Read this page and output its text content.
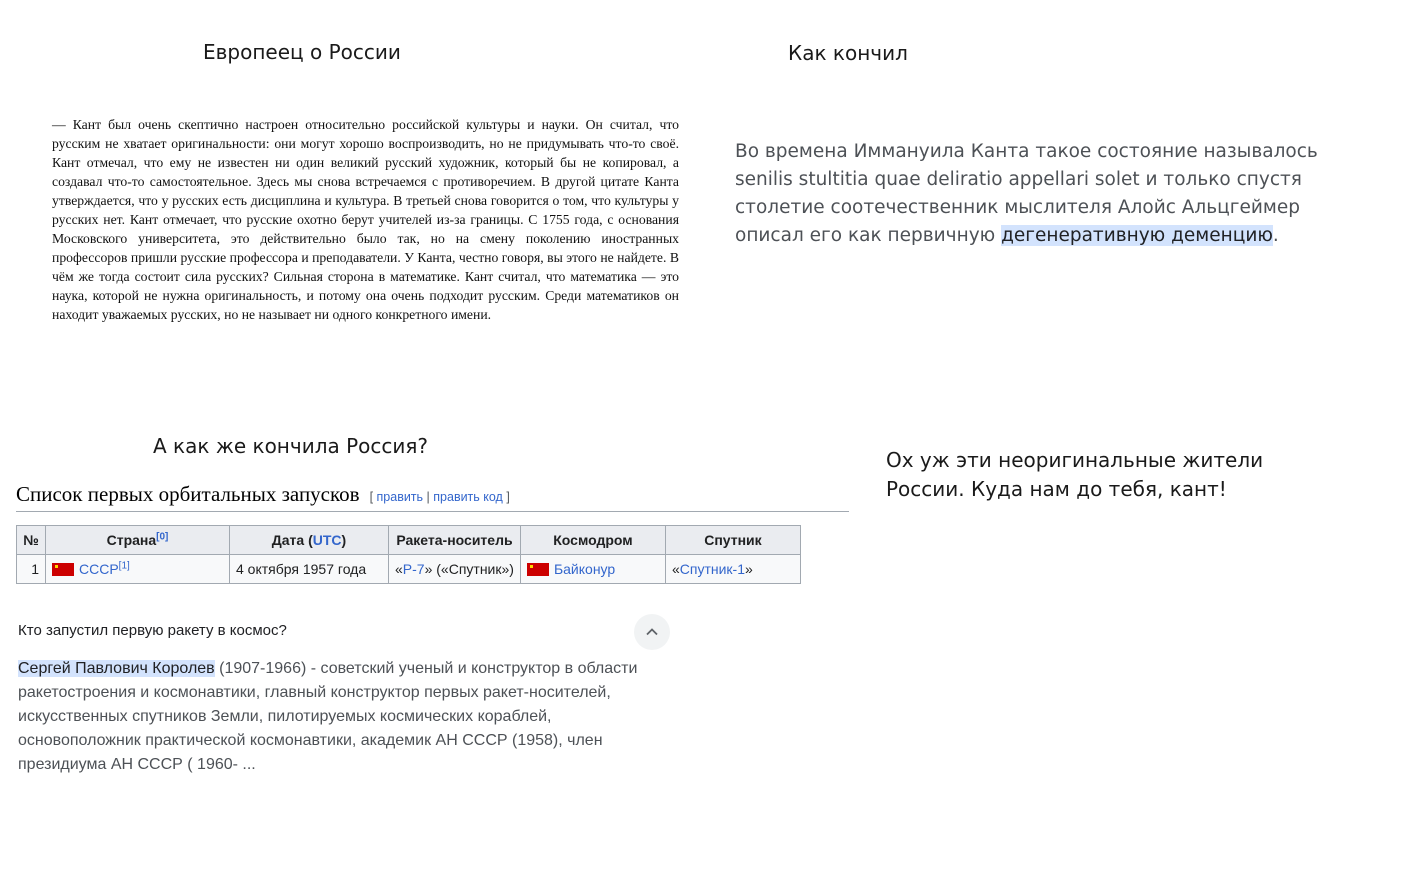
Европеец о России	Как кончил
— Кант был очень скептично настроен относительно российской культуры и науки. Он считал, что русским не хватает оригинальности: они могут хорошо воспроизводить, но не придумывать что-то своё. Кант отмечал, что ему не известен ни один великий русский художник, который бы не копировал, а создавал что-то самостоятельное. Здесь мы снова встречаемся с противоречием. В другой цитате Канта утверждается, что у русских есть дисциплина и культура. В третьей снова говорится о том, что культуры у русских нет. Кант отмечает, что русские охотно берут учителей из-за границы. С 1755 года, с основания Московского университета, это действительно было так, но на смену поколению иностранных профессоров пришли русские профессора и преподаватели. У Канта, честно говоря, вы этого не найдете. В чём же тогда состоит сила русских? Сильная сторона в математике. Кант считал, что математика — это наука, которой не нужна оригинальность, и потому она очень подходит русским. Среди математиков он находит уважаемых русских, но не называет ни одного конкретного имени.
Во времена Иммануила Канта такое состояние называлось senilis stultitia quae deliratio appellari solet и только спустя столетие соотечественник мыслителя Алойс Альцгеймер описал его как первичную дегенеративную деменцию.
А как же кончила Россия?
Ох уж эти неоригинальные жители России. Куда нам до тебя, кант!
Список первых орбитальных запусков [ править | править код ]
№	Страна[0]	Дата (UTC)	Ракета-носитель	Космодром	Спутник
1	СССР[1]	4 октября 1957 года	«Р-7» («Спутник»)	Байконур	«Спутник-1»
Кто запустил первую ракету в космос?
Сергей Павлович Королев (1907-1966) - советский ученый и конструктор в области ракетостроения и космонавтики, главный конструктор первых ракет-носителей, искусственных спутников Земли, пилотируемых космических кораблей, основоположник практической космонавтики, академик АН СССР (1958), член президиума АН СССР ( 1960- ...
